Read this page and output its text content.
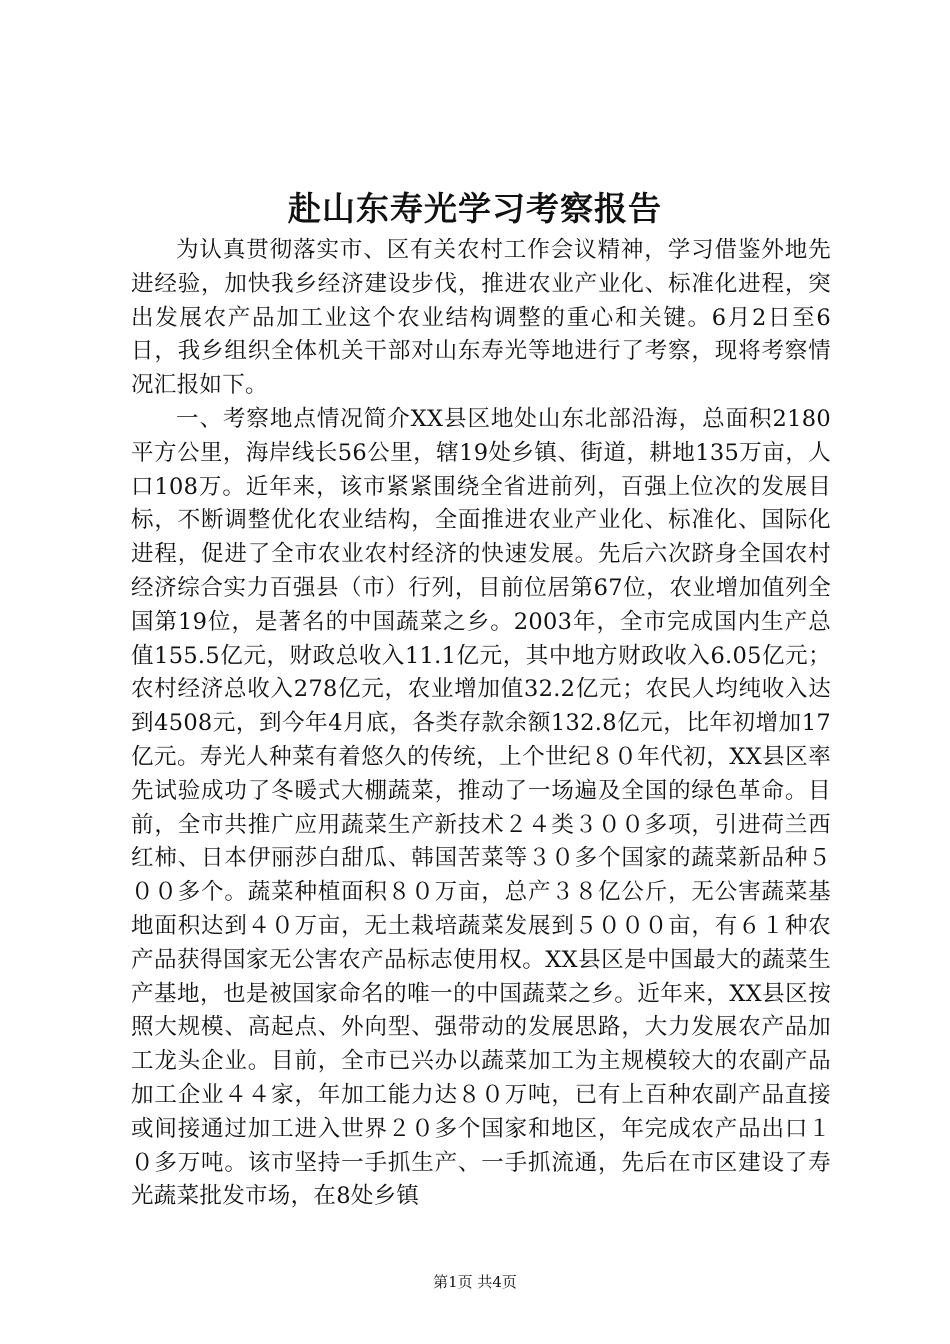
赴山东寿光学习考察报告

为认真贯彻落实市、区有关农村工作会议精神，学习借鉴外地先进经验，加快我乡经济建设步伐，推进农业产业化、标准化进程，突出发展农产品加工业这个农业结构调整的重心和关键。6月2日至6日，我乡组织全体机关干部对山东寿光等地进行了考察，现将考察情况汇报如下。

一、考察地点情况简介XX县区地处山东北部沿海，总面积2180平方公里，海岸线长56公里，辖19处乡镇、街道，耕地135万亩，人口108万。近年来，该市紧紧围绕全省进前列，百强上位次的发展目标，不断调整优化农业结构，全面推进农业产业化、标准化、国际化进程，促进了全市农业农村经济的快速发展。先后六次跻身全国农村经济综合实力百强县（市）行列，目前位居第67位，农业增加值列全国第19位，是著名的中国蔬菜之乡。2003年，全市完成国内生产总值155.5亿元，财政总收入11.1亿元，其中地方财政收入6.05亿元；农村经济总收入278亿元，农业增加值32.2亿元；农民人均纯收入达到4508元，到今年4月底，各类存款余额132.8亿元，比年初增加17亿元。寿光人种菜有着悠久的传统，上个世纪８０年代初，XX县区率先试验成功了冬暖式大棚蔬菜，推动了一场遍及全国的绿色革命。目前，全市共推广应用蔬菜生产新技术２４类３００多项，引进荷兰西红柿、日本伊丽莎白甜瓜、韩国苦菜等３０多个国家的蔬菜新品种５００多个。蔬菜种植面积８０万亩，总产３８亿公斤，无公害蔬菜基地面积达到４０万亩，无土栽培蔬菜发展到５０００亩，有６１种农产品获得国家无公害农产品标志使用权。XX县区是中国最大的蔬菜生产基地，也是被国家命名的唯一的中国蔬菜之乡。近年来，XX县区按照大规模、高起点、外向型、强带动的发展思路，大力发展农产品加工龙头企业。目前，全市已兴办以蔬菜加工为主规模较大的农副产品加工企业４４家，年加工能力达８０万吨，已有上百种农副产品直接或间接通过加工进入世界２０多个国家和地区，年完成农产品出口１０多万吨。该市坚持一手抓生产、一手抓流通，先后在市区建设了寿光蔬菜批发市场，在8处乡镇

第1页 共4页
